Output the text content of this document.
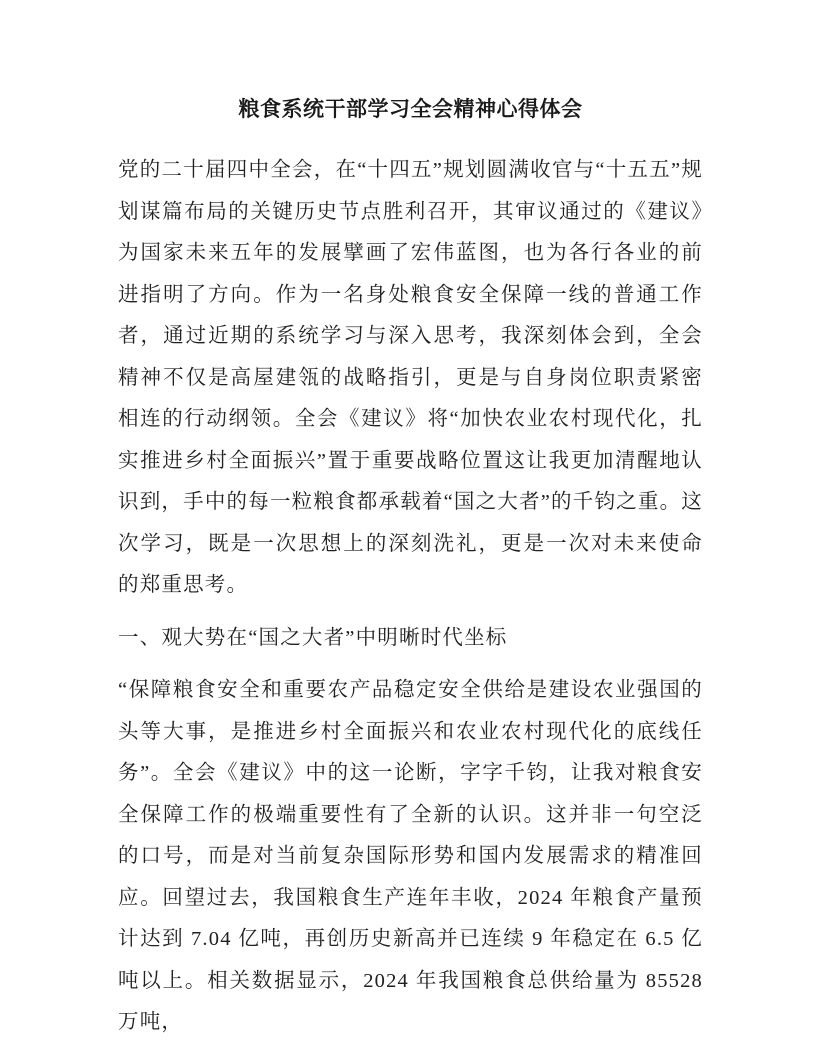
粮食系统干部学习全会精神心得体会

党的二十届四中全会，在“十四五”规划圆满收官与“十五五”规划谋篇布局的关键历史节点胜利召开，其审议通过的《建议》为国家未来五年的发展擘画了宏伟蓝图，也为各行各业的前进指明了方向。作为一名身处粮食安全保障一线的普通工作者，通过近期的系统学习与深入思考，我深刻体会到，全会精神不仅是高屋建瓴的战略指引，更是与自身岗位职责紧密相连的行动纲领。全会《建议》将“加快农业农村现代化，扎实推进乡村全面振兴”置于重要战略位置这让我更加清醒地认识到，手中的每一粒粮食都承载着“国之大者”的千钧之重。这次学习，既是一次思想上的深刻洗礼，更是一次对未来使命的郑重思考。

一、观大势在“国之大者”中明晰时代坐标

“保障粮食安全和重要农产品稳定安全供给是建设农业强国的头等大事，是推进乡村全面振兴和农业农村现代化的底线任务”。全会《建议》中的这一论断，字字千钧，让我对粮食安全保障工作的极端重要性有了全新的认识。这并非一句空泛的口号，而是对当前复杂国际形势和国内发展需求的精准回应。回望过去，我国粮食生产连年丰收，2024 年粮食产量预计达到 7.04 亿吨，再创历史新高并已连续 9 年稳定在 6.5 亿吨以上。相关数据显示，2024 年我国粮食总供给量为 85528 万吨，
